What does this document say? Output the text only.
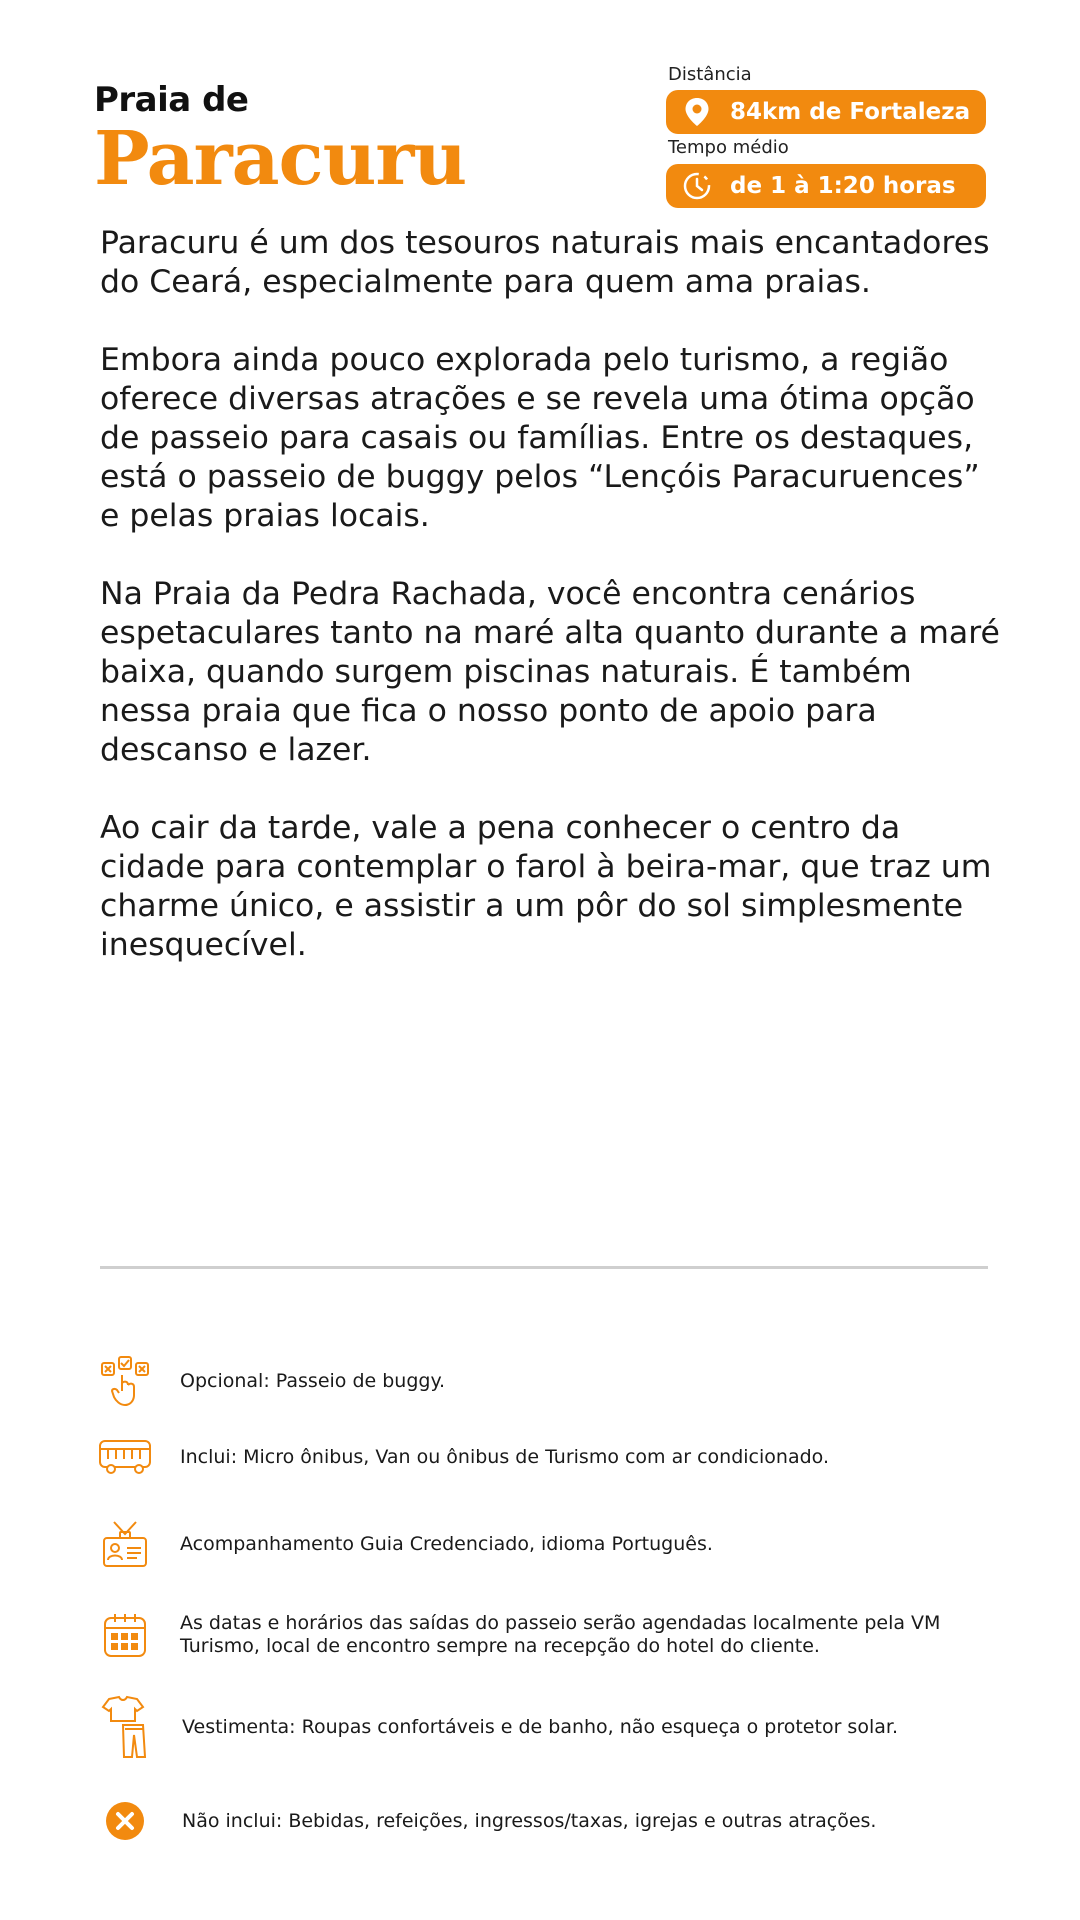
Praia de
Paracuru
Distância
84km de Fortaleza
Tempo médio
de 1 à 1:20 horas

Paracuru é um dos tesouros naturais mais encantadores do Ceará, especialmente para quem ama praias.

Embora ainda pouco explorada pelo turismo, a região oferece diversas atrações e se revela uma ótima opção de passeio para casais ou famílias. Entre os destaques, está o passeio de buggy pelos “Lençóis Paracuruences” e pelas praias locais.

Na Praia da Pedra Rachada, você encontra cenários espetaculares tanto na maré alta quanto durante a maré baixa, quando surgem piscinas naturais. É também nessa praia que fica o nosso ponto de apoio para descanso e lazer.

Ao cair da tarde, vale a pena conhecer o centro da cidade para contemplar o farol à beira-mar, que traz um charme único, e assistir a um pôr do sol simplesmente inesquecível.

Opcional: Passeio de buggy.
Inclui: Micro ônibus, Van ou ônibus de Turismo com ar condicionado.
Acompanhamento Guia Credenciado, idioma Português.
As datas e horários das saídas do passeio serão agendadas localmente pela VM Turismo, local de encontro sempre na recepção do hotel do cliente.
Vestimenta: Roupas confortáveis e de banho, não esqueça o protetor solar.
Não inclui: Bebidas, refeições, ingressos/taxas, igrejas e outras atrações.
